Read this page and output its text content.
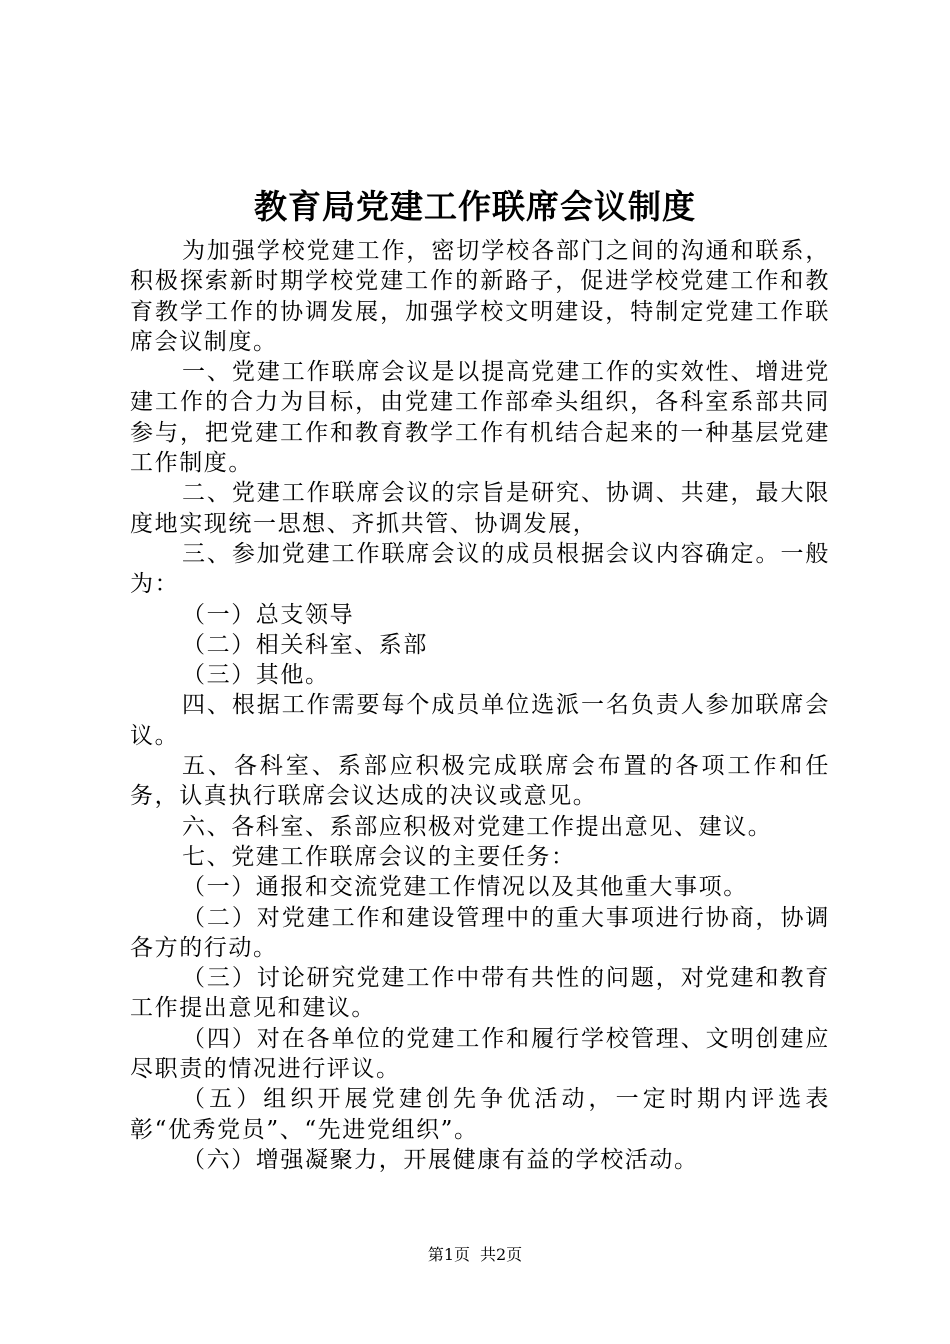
教育局党建工作联席会议制度

为加强学校党建工作，密切学校各部门之间的沟通和联系，积极探索新时期学校党建工作的新路子，促进学校党建工作和教育教学工作的协调发展，加强学校文明建设，特制定党建工作联席会议制度。

一、党建工作联席会议是以提高党建工作的实效性、增进党建工作的合力为目标，由党建工作部牵头组织，各科室系部共同参与，把党建工作和教育教学工作有机结合起来的一种基层党建工作制度。

二、党建工作联席会议的宗旨是研究、协调、共建，最大限度地实现统一思想、齐抓共管、协调发展，

三、参加党建工作联席会议的成员根据会议内容确定。一般为：

（一）总支领导

（二）相关科室、系部

（三）其他。

四、根据工作需要每个成员单位选派一名负责人参加联席会议。

五、各科室、系部应积极完成联席会布置的各项工作和任务，认真执行联席会议达成的决议或意见。

六、各科室、系部应积极对党建工作提出意见、建议。

七、党建工作联席会议的主要任务：

（一）通报和交流党建工作情况以及其他重大事项。

（二）对党建工作和建设管理中的重大事项进行协商，协调各方的行动。

（三）讨论研究党建工作中带有共性的问题，对党建和教育工作提出意见和建议。

（四）对在各单位的党建工作和履行学校管理、文明创建应尽职责的情况进行评议。

（五）组织开展党建创先争优活动，一定时期内评选表彰“优秀党员”、“先进党组织”。

（六）增强凝聚力，开展健康有益的学校活动。

第1页 共2页
